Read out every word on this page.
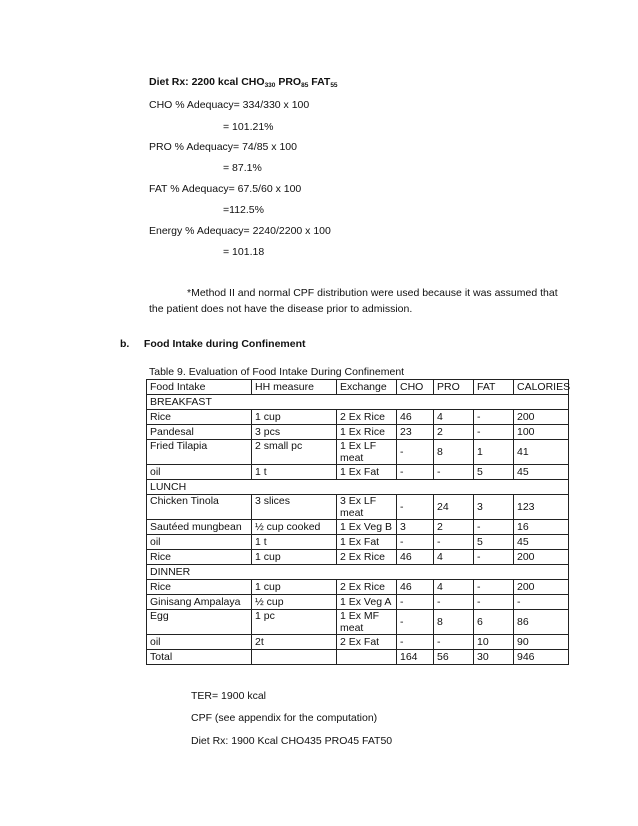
Diet Rx: 2200 kcal $CHO_{330}$ $PRO_{85}$ $FAT_{55}$
CHO % Adequacy= 334/330 x 100
= 101.21%
PRO % Adequacy= 74/85 x 100
= 87.1%
FAT % Adequacy= 67.5/60 x 100
=112.5%
Energy % Adequacy= 2240/2200 x 100
= 101.18
*Method II and normal CPF distribution were used because it was assumed that
the patient does not have the disease prior to admission.
b.     Food Intake during Confinement
Table 9. Evaluation of Food Intake During Confinement
Food Intake	HH measure	Exchange	CHO	PRO	FAT	CALORIES
BREAKFAST						
Rice	1 cup	2 Ex Rice	46	4	-	200
Pandesal	3 pcs	1 Ex Rice	23	2	-	100
Fried Tilapia	2 small pc	1 Ex LF meat	-	8	1	41
oil	1 t	1 Ex Fat	-	-	5	45
LUNCH						
Chicken Tinola	3 slices	3 Ex LF meat	-	24	3	123
Sautéed mungbean	½ cup cooked	1 Ex Veg B	3	2	-	16
oil	1 t	1 Ex Fat	-	-	5	45
Rice	1 cup	2 Ex Rice	46	4	-	200
DINNER						
Rice	1 cup	2 Ex Rice	46	4	-	200
Ginisang Ampalaya	½ cup	1 Ex Veg A	-	-	-	-
Egg	1 pc	1 Ex MF meat	-	8	6	86
oil	2t	2 Ex Fat	-	-	10	90
Total			164	56	30	946
TER= 1900 kcal
CPF (see appendix for the computation)
Diet Rx: 1900 Kcal CHO435 PRO45 FAT50
